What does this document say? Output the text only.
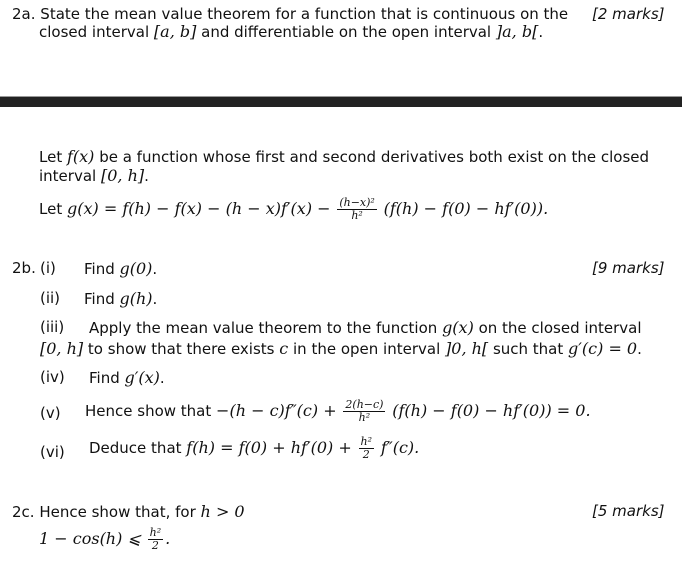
2a. State the mean value theorem for a function that is continuous on the [2 marks]
closed interval [a, b] and differentiable on the open interval ]a, b[.
Let f(x) be a function whose first and second derivatives both exist on the closed
interval [0, h].
Let $g(x) = f(h) - f(x) - (h - x)f'(x) - \frac{\text{(h−x)²}}{\text{h²}} (f(h) - f(0) - hf'(0))$.
2b.	[9 marks]
(i) Find g(0).
(ii) Find g(h).
(iii) Apply the mean value theorem to the function g(x) on the closed interval
[0, h] to show that there exists c in the open interval ]0, h[ such that g′(c) = 0.
(iv) Find g′(x).
(v) Hence show that $-(h - c)f''(c) + \frac{2(h-c)}{\text{h²}} (f(h) - f(0) - hf'(0)) = 0$.
(vi) Deduce that $f(h) = f(0) + hf'(0) + \frac{\text{h²}}{2} f''(c)$.
2c. Hence show that, for h > 0	[5 marks]
1 − cos(h) ⩽ $\frac{\text{h²}}{2}$ .
